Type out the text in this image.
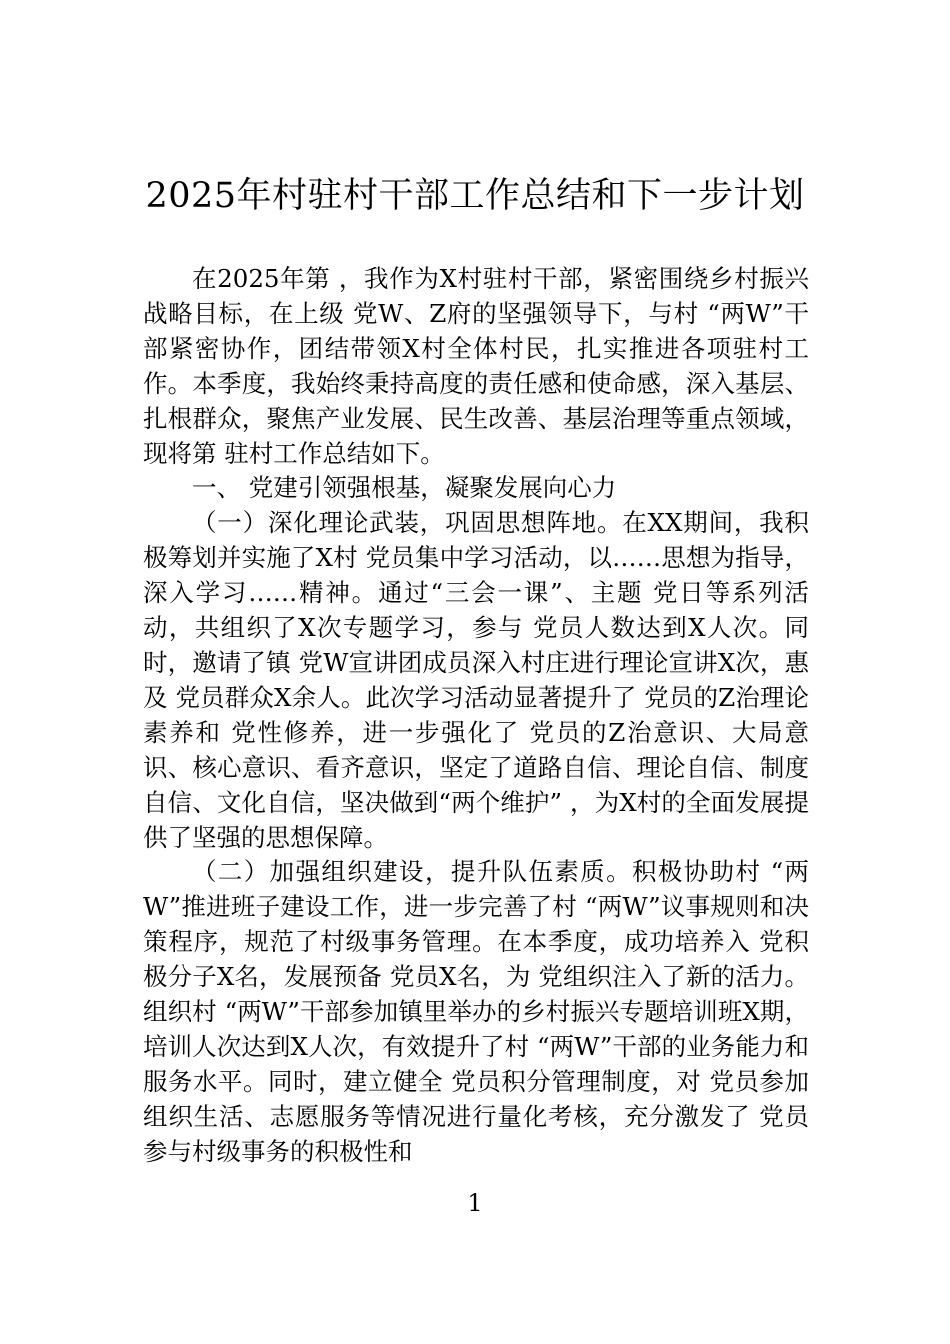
2025年村驻村干部工作总结和下一步计划

在2025年第 ，我作为X村驻村干部，紧密围绕乡村振兴战略目标，在上级 党W、Z府的坚强领导下，与村 “两W”干部紧密协作，团结带领X村全体村民，扎实推进各项驻村工作。本季度，我始终秉持高度的责任感和使命感，深入基层、扎根群众，聚焦产业发展、民生改善、基层治理等重点领域，现将第 驻村工作总结如下。

一、 党建引领强根基，凝聚发展向心力

（一）深化理论武装，巩固思想阵地。在XX期间，我积极筹划并实施了X村 党员集中学习活动，以……思想为指导，深入学习……精神。通过“三会一课”、主题 党日等系列活动，共组织了X次专题学习，参与 党员人数达到X人次。同时，邀请了镇 党W宣讲团成员深入村庄进行理论宣讲X次，惠及 党员群众X余人。此次学习活动显著提升了 党员的Z治理论素养和 党性修养，进一步强化了 党员的Z治意识、大局意识、核心意识、看齐意识，坚定了道路自信、理论自信、制度自信、文化自信，坚决做到“两个维护” ，为X村的全面发展提供了坚强的思想保障。

（二）加强组织建设，提升队伍素质。积极协助村 “两W”推进班子建设工作，进一步完善了村 “两W”议事规则和决策程序，规范了村级事务管理。在本季度，成功培养入 党积极分子X名，发展预备 党员X名，为 党组织注入了新的活力。组织村 “两W”干部参加镇里举办的乡村振兴专题培训班X期，培训人次达到X人次，有效提升了村 “两W”干部的业务能力和服务水平。同时，建立健全 党员积分管理制度，对 党员参加组织生活、志愿服务等情况进行量化考核，充分激发了 党员参与村级事务的积极性和

1
